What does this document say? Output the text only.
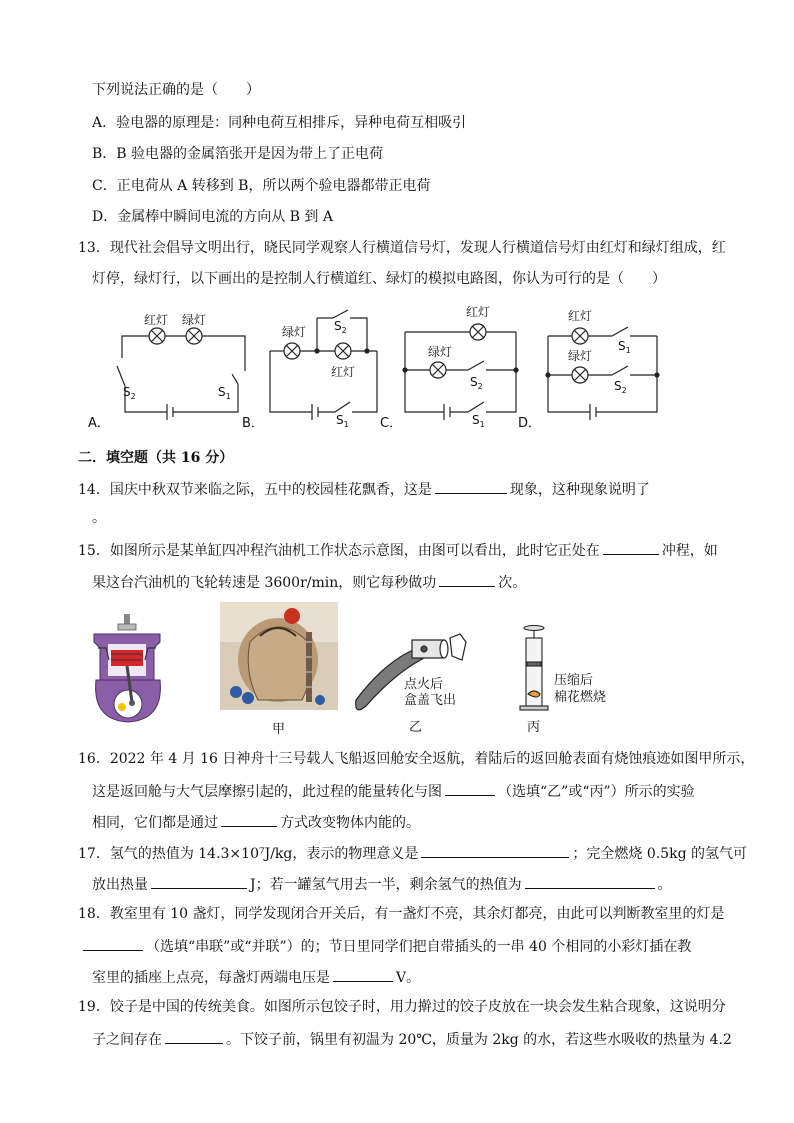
下列说法正确的是（　　）
A．验电器的原理是：同种电荷互相排斥，异种电荷互相吸引
B．B 验电器的金属箔张开是因为带上了正电荷
C．正电荷从 A 转移到 B，所以两个验电器都带正电荷
D．金属棒中瞬间电流的方向从 B 到 A
13．现代社会倡导文明出行，晓民同学观察人行横道信号灯，发现人行横道信号灯由红灯和绿灯组成，红
灯停，绿灯行，以下画出的是控制人行横道红、绿灯的模拟电路图，你认为可行的是（　　）
红灯 绿灯
$S_2$	$S_1$
A．
绿灯 $S_2$
红灯
$S_1$
B．
红灯
绿灯
$S_2$
$S_1$
C．
红灯
$S_1$
绿灯
$S_2$
D．
二．填空题（共 16 分）
14．国庆中秋双节来临之际，五中的校园桂花飘香，这是	现象，这种现象说明了
。
15．如图所示是某单缸四冲程汽油机工作状态示意图，由图可以看出，此时它正处在	冲程，如
果这台汽油机的飞轮转速是 3600r/min，则它每秒做功	次。
甲
点火后
盒盖飞出
乙
压缩后
棉花燃烧
丙
16．2022 年 4 月 16 日神舟十三号载人飞船返回舱安全返航，着陆后的返回舱表面有烧蚀痕迹如图甲所示，
这是返回舱与大气层摩擦引起的，此过程的能量转化与图	（选填“乙”或“丙”）所示的实验
相同，它们都是通过	方式改变物体内能的。
17．氢气的热值为 14.3×10⁷J/kg，表示的物理意义是	；完全燃烧 0.5kg 的氢气可
放出热量	J；若一罐氢气用去一半，剩余氢气的热值为	。
18．教室里有 10 盏灯，同学发现闭合开关后，有一盏灯不亮，其余灯都亮，由此可以判断教室里的灯是
（选填“串联”或“并联”）的；节日里同学们把自带插头的一串 40 个相同的小彩灯插在教
室里的插座上点亮，每盏灯两端电压是	V。
19．饺子是中国的传统美食。如图所示包饺子时，用力擀过的饺子皮放在一块会发生粘合现象，这说明分
子之间存在	。下饺子前，锅里有初温为 20℃，质量为 2kg 的水，若这些水吸收的热量为 4.2
